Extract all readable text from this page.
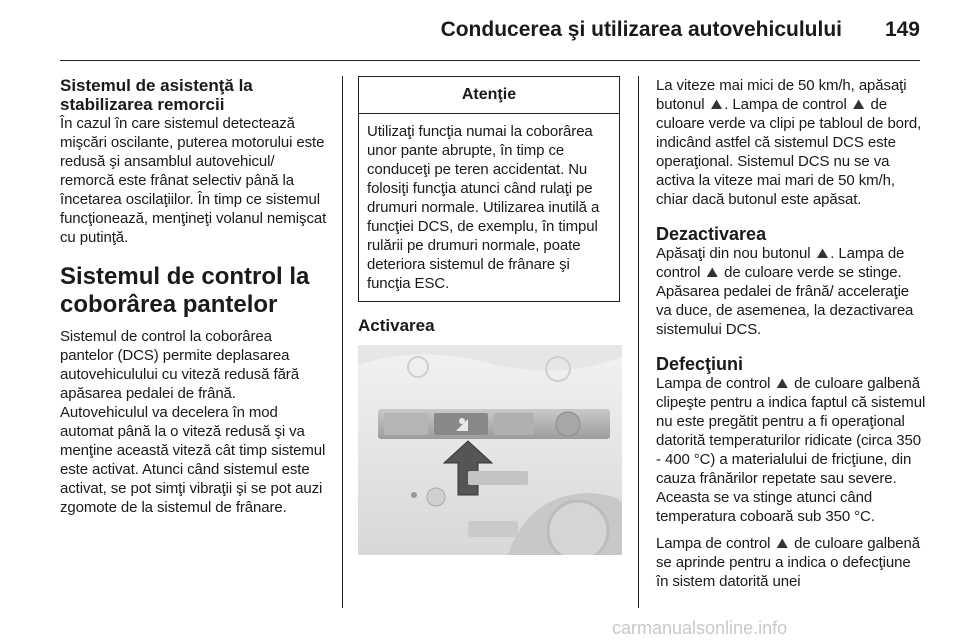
Conducerea şi utilizarea autovehiculului 149

Sistemul de asistenţă la stabilizarea remorcii

În cazul în care sistemul detectează mişcări oscilante, puterea motorului este redusă şi ansamblul autovehicul/ remorcă este frânat selectiv până la încetarea oscilaţiilor. În timp ce sistemul funcţionează, menţineţi volanul nemişcat cu putinţă.

Sistemul de control la coborârea pantelor

Sistemul de control la coborârea pantelor (DCS) permite deplasarea autovehiculului cu viteză redusă fără apăsarea pedalei de frână.

Autovehiculul va decelera în mod automat până la o viteză redusă şi va menţine această viteză cât timp sistemul este activat. Atunci când sistemul este activat, se pot simţi vibraţii şi se pot auzi zgomote de la sistemul de frânare.

Atenţie

Utilizaţi funcţia numai la coborârea unor pante abrupte, în timp ce conduceţi pe teren accidentat. Nu folosiţi funcţia atunci când rulaţi pe drumuri normale. Utilizarea inutilă a funcţiei DCS, de exemplu, în timpul rulării pe drumuri normale, poate deteriora sistemul de frânare şi funcţia ESC.

Activarea

La viteze mai mici de 50 km/h, apăsaţi butonul ⛰ . Lampa de control ⛰ de culoare verde va clipi pe tabloul de bord, indicând astfel că sistemul DCS este operaţional. Sistemul DCS nu se va activa la viteze mai mari de 50 km/h, chiar dacă butonul este apăsat.

Dezactivarea

Apăsaţi din nou butonul ⛰ . Lampa de control ⛰ de culoare verde se stinge.

Apăsarea pedalei de frână/ acceleraţie va duce, de asemenea, la dezactivarea sistemului DCS.

Defecţiuni

Lampa de control ⛰ de culoare galbenă clipeşte pentru a indica faptul că sistemul nu este pregătit pentru a fi operaţional datorită temperaturilor ridicate (circa 350 - 400 °C) a materialului de fricţiune, din cauza frânărilor repetate sau severe. Aceasta se va stinge atunci când temperatura coboară sub 350 °C.

Lampa de control ⛰ de culoare galbenă se aprinde pentru a indica o defecţiune în sistem datorită unei

carmanualsonline.info
